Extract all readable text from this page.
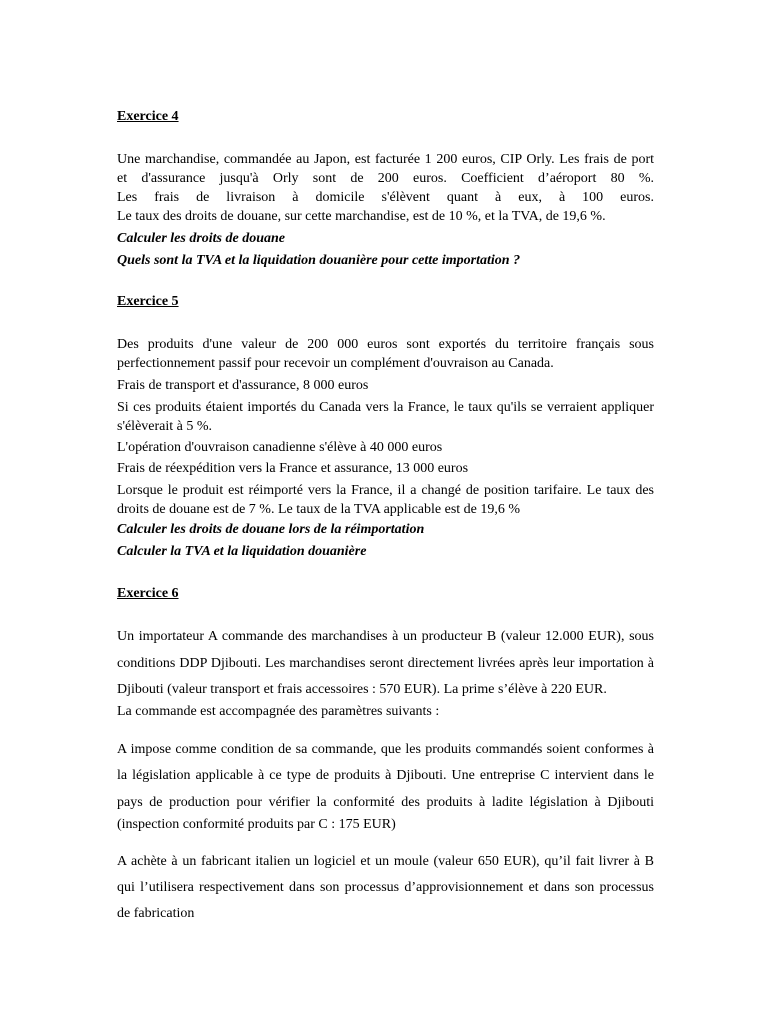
Exercice 4

Une marchandise, commandée au Japon, est facturée 1 200 euros, CIP Orly. Les frais de port

et d'assurance jusqu'à Orly sont de 200 euros. Coefficient d’aéroport 80 %.

Les frais de livraison à domicile s'élèvent quant à eux, à 100 euros.

Le taux des droits de douane, sur cette marchandise, est de 10 %, et la TVA, de 19,6 %.

Calculer les droits de douane

Quels sont la TVA et la liquidation douanière pour cette importation ?

Exercice 5

Des produits d'une valeur de 200 000 euros sont exportés du territoire français sous

perfectionnement passif pour recevoir un complément d'ouvraison au Canada.

Frais de transport et d'assurance, 8 000 euros

Si ces produits étaient importés du Canada vers la France, le taux qu'ils se verraient appliquer

s'élèverait à 5 %.

L'opération d'ouvraison canadienne s'élève à 40 000 euros

Frais de réexpédition vers la France et assurance, 13 000 euros

Lorsque le produit est réimporté vers la France, il a changé de position tarifaire. Le taux des

droits de douane est de 7 %. Le taux de la TVA applicable est de 19,6 %

Calculer les droits de douane lors de la réimportation

Calculer la TVA et la liquidation douanière

Exercice 6

Un importateur A commande des marchandises à un producteur B (valeur 12.000 EUR), sous

conditions DDP Djibouti. Les marchandises seront directement livrées après leur importation à

Djibouti (valeur transport et frais accessoires : 570 EUR). La prime s’élève à 220 EUR.

La commande est accompagnée des paramètres suivants :

A impose comme condition de sa commande, que les produits commandés soient conformes à

la législation applicable à ce type de produits à Djibouti. Une entreprise C intervient dans le

pays de production pour vérifier la conformité des produits à ladite législation à Djibouti

(inspection conformité produits par C : 175 EUR)

A achète à un fabricant italien un logiciel et un moule (valeur 650 EUR), qu’il fait livrer à B

qui l’utilisera respectivement dans son processus d’approvisionnement et dans son processus

de fabrication
